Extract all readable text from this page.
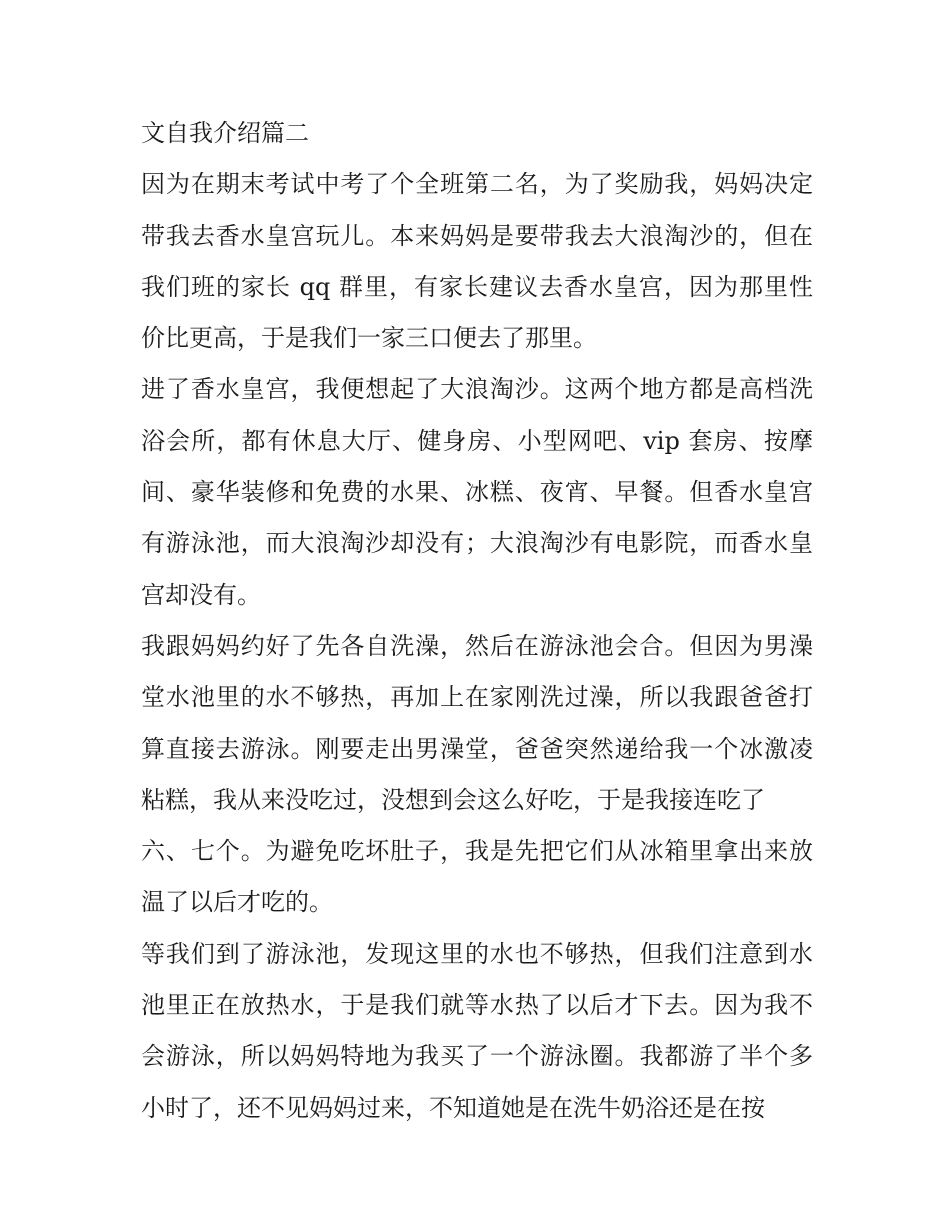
文自我介绍篇二
因为在期末考试中考了个全班第二名，为了奖励我，妈妈决定
带我去香水皇宫玩儿。本来妈妈是要带我去大浪淘沙的，但在
我们班的家长 qq 群里，有家长建议去香水皇宫，因为那里性
价比更高，于是我们一家三口便去了那里。
进了香水皇宫，我便想起了大浪淘沙。这两个地方都是高档洗
浴会所，都有休息大厅、健身房、小型网吧、vip 套房、按摩
间、豪华装修和免费的水果、冰糕、夜宵、早餐。但香水皇宫
有游泳池，而大浪淘沙却没有；大浪淘沙有电影院，而香水皇
宫却没有。
我跟妈妈约好了先各自洗澡，然后在游泳池会合。但因为男澡
堂水池里的水不够热，再加上在家刚洗过澡，所以我跟爸爸打
算直接去游泳。刚要走出男澡堂，爸爸突然递给我一个冰激凌
粘糕，我从来没吃过，没想到会这么好吃，于是我接连吃了
六、七个。为避免吃坏肚子，我是先把它们从冰箱里拿出来放
温了以后才吃的。
等我们到了游泳池，发现这里的水也不够热，但我们注意到水
池里正在放热水，于是我们就等水热了以后才下去。因为我不
会游泳，所以妈妈特地为我买了一个游泳圈。我都游了半个多
小时了，还不见妈妈过来，不知道她是在洗牛奶浴还是在按
